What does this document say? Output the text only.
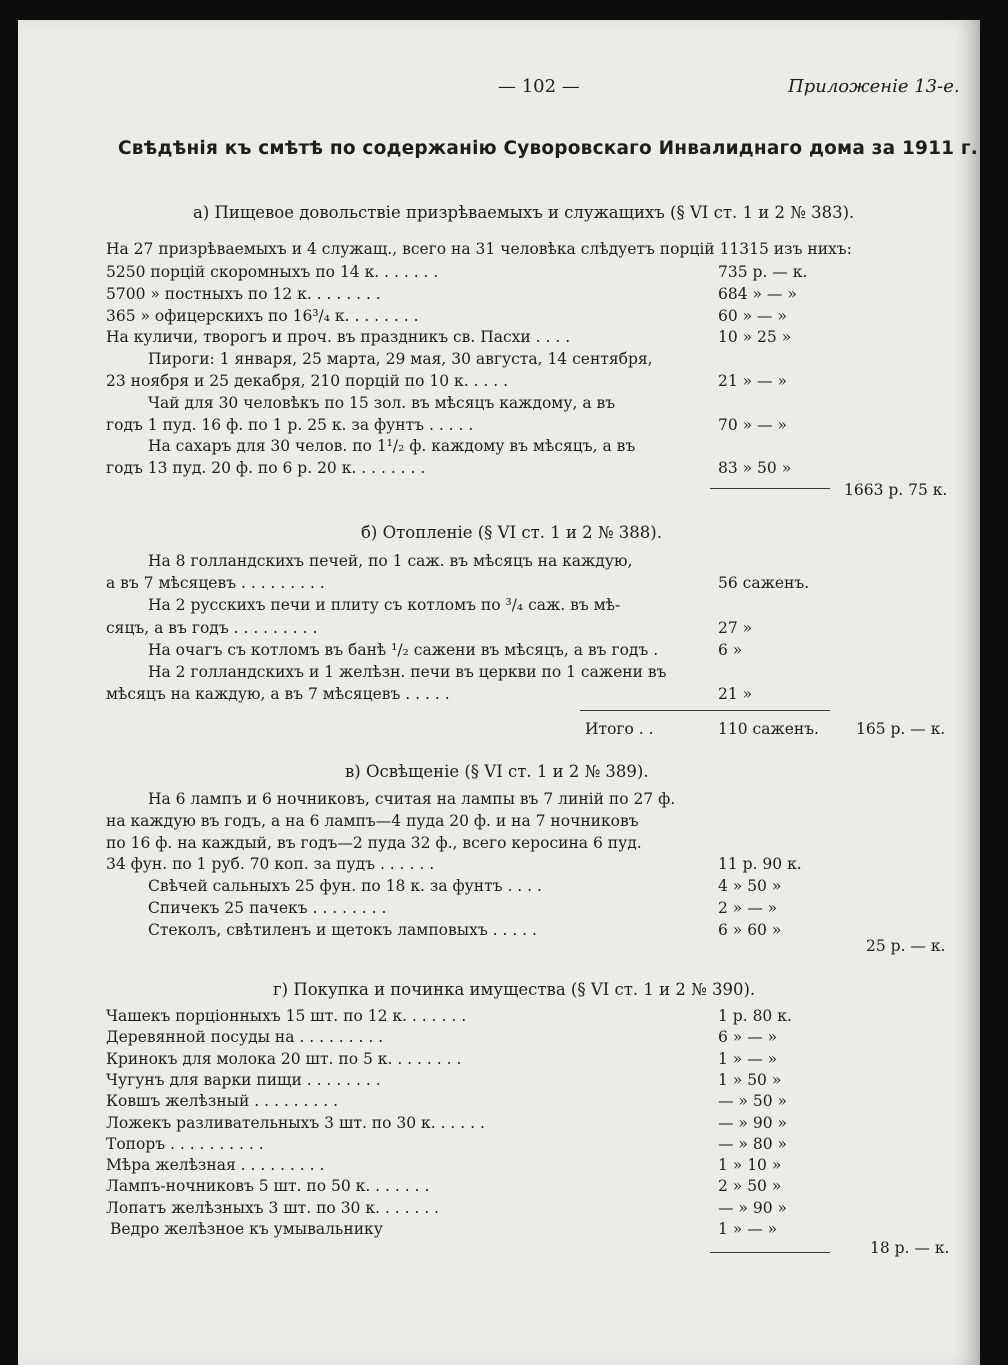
— 102 —	Приложеніе 13-е.
Свѣдѣнія къ смѣтѣ по содержанію Суворовскаго Инвалиднаго дома за 1911 г.
а) Пищевое довольствіе призрѣваемыхъ и служащихъ (§ VI ст. 1 и 2 № 383).
На 27 призрѣваемыхъ и 4 служащ., всего на 31 человѣка слѣдуетъ порцій 11315 изъ нихъ:
5250 порцій скоромныхъ по 14 к. . . . . . .	735 р. — к.
5700 » постныхъ по 12 к. . . . . . . .	684 » — »
365 » офицерскихъ по 16³/₄ к. . . . . . . .	60 » — »
На куличи, творогъ и проч. въ праздникъ св. Пасхи . . . .	10 » 25 »
Пироги: 1 января, 25 марта, 29 мая, 30 августа, 14 сентября,
23 ноября и 25 декабря, 210 порцій по 10 к. . . . .	21 » — »
Чай для 30 человѣкъ по 15 зол. въ мѣсяцъ каждому, а въ
годъ 1 пуд. 16 ф. по 1 р. 25 к. за фунтъ . . . . .	70 » — »
На сахаръ для 30 челов. по 1¹/₂ ф. каждому въ мѣсяцъ, а въ
годъ 13 пуд. 20 ф. по 6 р. 20 к. . . . . . . .	83 » 50 »
1663 р. 75 к.
б) Отопленіе (§ VI ст. 1 и 2 № 388).
На 8 голландскихъ печей, по 1 саж. въ мѣсяцъ на каждую,
а въ 7 мѣсяцевъ . . . . . . . . .	56 саженъ.
На 2 русскихъ печи и плиту съ котломъ по ³/₄ саж. въ мѣ-
сяцъ, а въ годъ . . . . . . . . .	27 »
На очагъ съ котломъ въ банѣ ¹/₂ сажени въ мѣсяцъ, а въ годъ .	6 »
На 2 голландскихъ и 1 желѣзн. печи въ церкви по 1 сажени въ
мѣсяцъ на каждую, а въ 7 мѣсяцевъ . . . . .	21 »
Итого . .	110 саженъ. 165 р. — к.
в) Освѣщеніе (§ VI ст. 1 и 2 № 389).
На 6 лампъ и 6 ночниковъ, считая на лампы въ 7 линій по 27 ф.
на каждую въ годъ, а на 6 лампъ—4 пуда 20 ф. и на 7 ночниковъ
по 16 ф. на каждый, въ годъ—2 пуда 32 ф., всего керосина 6 пуд.
34 фун. по 1 руб. 70 коп. за пудъ . . . . . .	11 р. 90 к.
Свѣчей сальныхъ 25 фун. по 18 к. за фунтъ . . . .	4 » 50 »
Спичекъ 25 пачекъ . . . . . . . .	2 » — »
Стеколъ, свѣтиленъ и щетокъ ламповыхъ . . . . .	6 » 60 »
25 р. — к.
г) Покупка и починка имущества (§ VI ст. 1 и 2 № 390).
Чашекъ порціонныхъ 15 шт. по 12 к. . . . . . .	1 р. 80 к.
Деревянной посуды на . . . . . . . . .	6 » — »
Кринокъ для молока 20 шт. по 5 к. . . . . . . .	1 » — »
Чугунъ для варки пищи . . . . . . . .	1 » 50 »
Ковшъ желѣзный . . . . . . . . .	— » 50 »
Ложекъ разливательныхъ 3 шт. по 30 к. . . . . .	— » 90 »
Топоръ . . . . . . . . . .	— » 80 »
Мѣра желѣзная . . . . . . . . .	1 » 10 »
Лампъ-ночниковъ 5 шт. по 50 к. . . . . . .	2 » 50 »
Лопатъ желѣзныхъ 3 шт. по 30 к. . . . . . .	— » 90 »
Ведро желѣзное къ умывальнику	1 » — »
18 р. — к.
